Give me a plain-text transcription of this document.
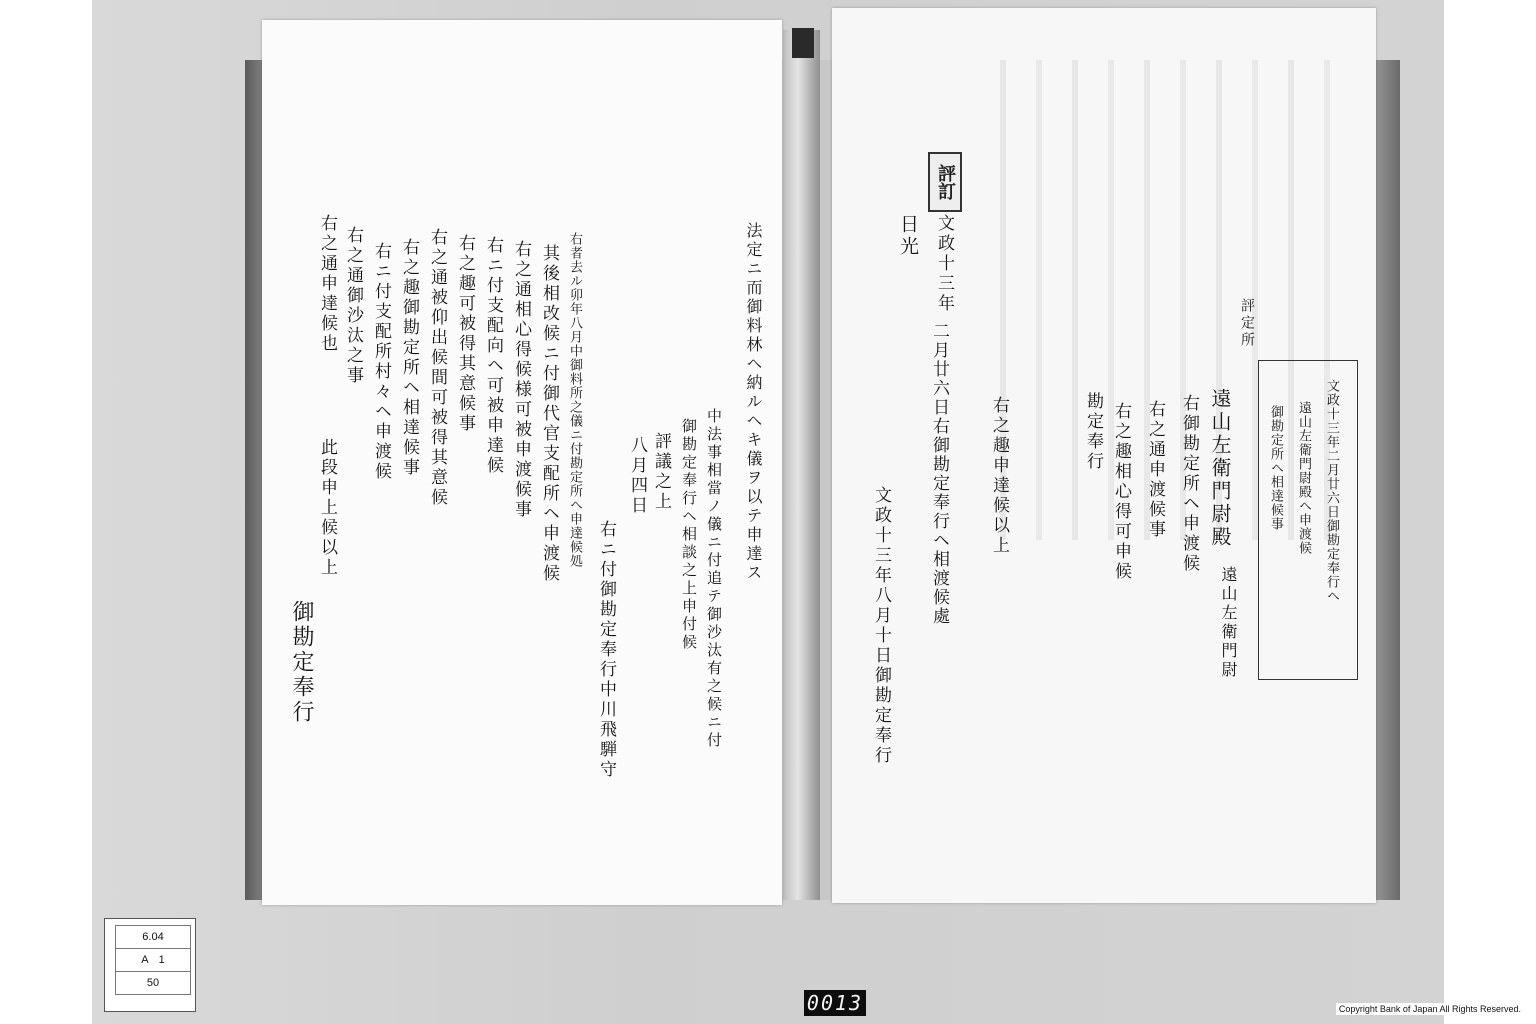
法定ニ而御料林ヘ納ルヘキ儀ヲ以テ申達ス
中法事相當ノ儀ニ付追テ御沙汰有之候ニ付
御勘定奉行ヘ相談之上申付候
評議之上
八月四日
右ニ付御勘定奉行中川飛騨守
右者去ル卯年八月中御料所之儀ニ付勘定所ヘ申達候処
其後相改候ニ付御代官支配所ヘ申渡候
右之通相心得候様可被申渡候事
右ニ付支配向ヘ可被申達候
右之趣可被得其意候事
右之通被仰出候間可被得其意候
右之趣御勘定所ヘ相達候事
右ニ付支配所村々ヘ申渡候
右之通御沙汰之事
右之通申達候也
此段申上候以上
御勘定奉行
評訂
文政十三年
日光
二月廿六日右御勘定奉行ヘ相渡候處
文政十三年八月十日御勘定奉行
遠山左衛門尉殿
右御勘定所ヘ申渡候
評定所
右之通申渡候事
右之趣相心得可申候
勘定奉行
遠山左衛門尉
右之趣申達候以上	文政十三年二月廿六日御勘定奉行ヘ
遠山左衛門尉殿ヘ申渡候
御勘定所ヘ相達候事
6.04
A 1
50
0013	Copyright Bank of Japan All Rights Reserved.
